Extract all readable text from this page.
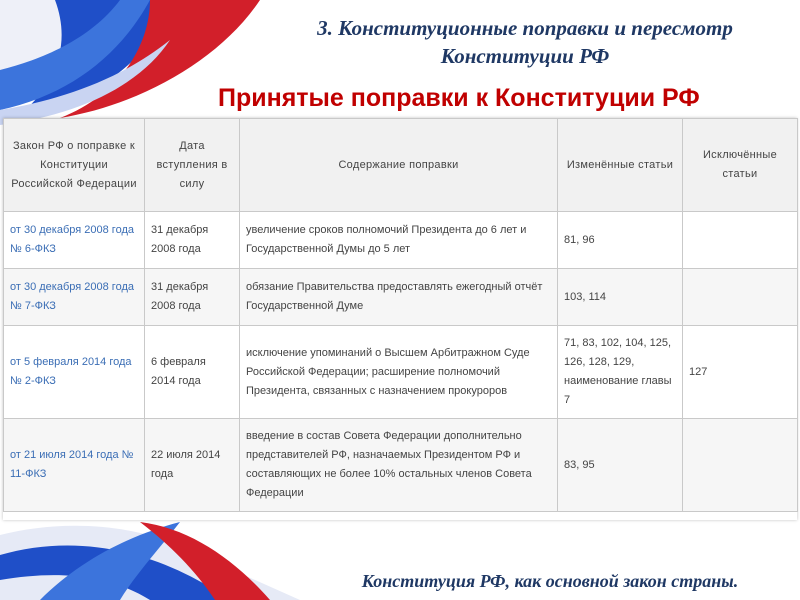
3. Конституционные поправки и пересмотр
Конституции РФ
Принятые поправки к Конституции РФ
Закон РФ о поправке к Конституции Российской Федерации	Дата вступления в силу	Содержание поправки	Изменённые статьи	Исключённые статьи
от 30 декабря 2008 года № 6-ФКЗ	31 декабря 2008 года	увеличение сроков полномочий Президента до 6 лет и Государственной Думы до 5 лет	81, 96	
от 30 декабря 2008 года № 7-ФКЗ	31 декабря 2008 года	обязание Правительства предоставлять ежегодный отчёт Государственной Думе	103, 114	
от 5 февраля 2014 года № 2-ФКЗ	6 февраля 2014 года	исключение упоминаний о Высшем Арбитражном Суде Российской Федерации; расширение полномочий Президента, связанных с назначением прокуроров	71, 83, 102, 104, 125, 126, 128, 129, наименование главы 7	127
от 21 июля 2014 года № 11-ФКЗ	22 июля 2014 года	введение в состав Совета Федерации дополнительно представителей РФ, назначаемых Президентом РФ и составляющих не более 10% остальных членов Совета Федерации	83, 95	
Конституция РФ, как основной закон страны.
